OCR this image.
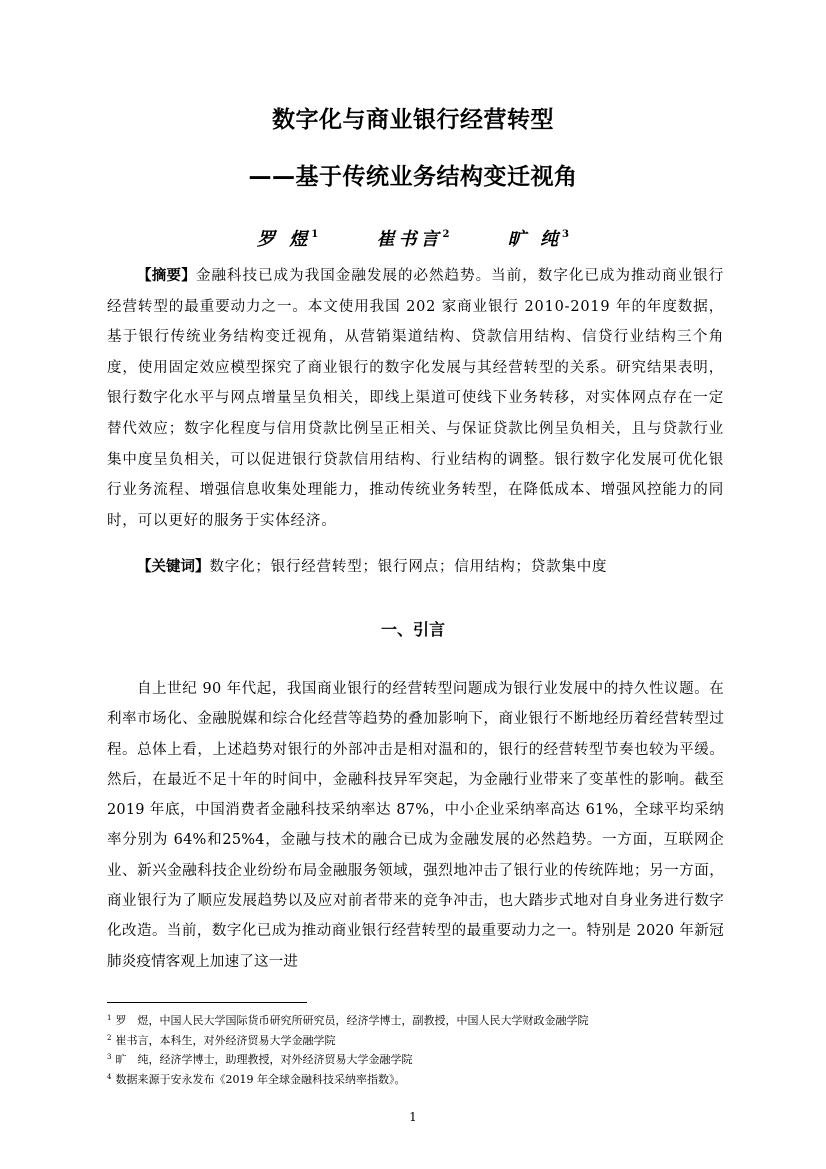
数字化与商业银行经营转型
——基于传统业务结构变迁视角
罗 煜$^1$	崔书言$^2$	旷 纯$^3$

【摘要】金融科技已成为我国金融发展的必然趋势。当前，数字化已成为推动商业银行经营转型的最重要动力之一。本文使用我国 202 家商业银行 2010-2019 年的年度数据，基于银行传统业务结构变迁视角，从营销渠道结构、贷款信用结构、信贷行业结构三个角度，使用固定效应模型探究了商业银行的数字化发展与其经营转型的关系。研究结果表明，银行数字化水平与网点增量呈负相关，即线上渠道可使线下业务转移，对实体网点存在一定替代效应；数字化程度与信用贷款比例呈正相关、与保证贷款比例呈负相关，且与贷款行业集中度呈负相关，可以促进银行贷款信用结构、行业结构的调整。银行数字化发展可优化银行业务流程、增强信息收集处理能力，推动传统业务转型，在降低成本、增强风控能力的同时，可以更好的服务于实体经济。

【关键词】数字化；银行经营转型；银行网点；信用结构；贷款集中度

一、引言

自上世纪 90 年代起，我国商业银行的经营转型问题成为银行业发展中的持久性议题。在利率市场化、金融脱媒和综合化经营等趋势的叠加影响下，商业银行不断地经历着经营转型过程。总体上看，上述趋势对银行的外部冲击是相对温和的，银行的经营转型节奏也较为平缓。然后，在最近不足十年的时间中，金融科技异军突起，为金融行业带来了变革性的影响。截至 2019 年底，中国消费者金融科技采纳率达 87%，中小企业采纳率高达 61%，全球平均采纳率分别为 64%和25%4，金融与技术的融合已成为金融发展的必然趋势。一方面，互联网企业、新兴金融科技企业纷纷布局金融服务领域，强烈地冲击了银行业的传统阵地；另一方面，商业银行为了顺应发展趋势以及应对前者带来的竞争冲击，也大踏步式地对自身业务进行数字化改造。当前，数字化已成为推动商业银行经营转型的最重要动力之一。特别是 2020 年新冠肺炎疫情客观上加速了这一进

$^1$ 罗　煜，中国人民大学国际货币研究所研究员，经济学博士，副教授，中国人民大学财政金融学院
$^2$ 崔书言，本科生，对外经济贸易大学金融学院
$^3$ 旷　纯，经济学博士，助理教授，对外经济贸易大学金融学院
$^4$ 数据来源于安永发布《2019 年全球金融科技采纳率指数》。
1
